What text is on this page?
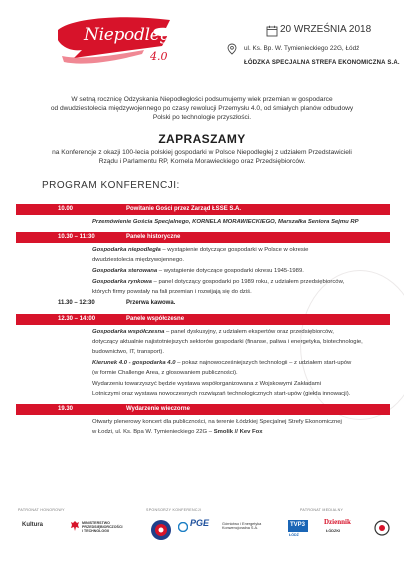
Niepodległa
4.0
20 WRZEŚNIA 2018
ul. Ks. Bp. W. Tymienieckiego 22G, Łódź
ŁÓDZKA SPECJALNA STREFA EKONOMICZNA S.A.
W setną rocznicę Odzyskania Niepodległości podsumujemy wiek przemian w gospodarce
od dwudziestolecia międzywojennego po czasy rewolucji Przemysłu 4.0, od śmiałych planów odbudowy
Polski po technologie przyszłości.
ZAPRASZAMY
na Konferencje z okazji 100-lecia polskiej gospodarki w Polsce Niepodległej z udziałem Przedstawicieli
Rządu i Parlamentu RP, Kornela Morawieckiego oraz Przedsiębiorców.
PROGRAM KONFERENCJI:
10.00	Powitanie Gości przez Zarząd ŁSSE S.A.

Przemówienie Gościa Specjalnego, KORNELA MORAWIECKIEGO, Marszałka Seniora Sejmu RP

10.30 – 11:30	Panele historyczne

Gospodarka niepodległa – wystąpienie dotyczące gospodarki w Polsce w okresie
dwudziestolecia międzywojennego.

Gospodarka sterowana – wystąpienie dotyczące gospodarki okresu 1945-1989.

Gospodarka rynkowa – panel dotyczący gospodarki po 1989 roku, z udziałem przedsiębiorców,
których firmy powstały na fali przemian i rozwijają się do dziś.

11.30 – 12:30	Przerwa kawowa.
12.30 – 14:00	Panele współczesne

Gospodarka współczesna – panel dyskusyjny, z udziałem ekspertów oraz przedsiębiorców,
dotyczący aktualnie najistotniejszych sektorów gospodarki (finanse, paliwa i energetyka, biotechnologie,
budownictwo, IT, transport).

Kierunek 4.0 - gospodarka 4.0 – pokaz najnowocześniejszych technologii – z udziałem start-upów
(w formie Challenge Area, z głosowaniem publiczności).

Wydarzeniu towarzyszyć będzie wystawa współorganizowana z Wojskowymi Zakładami
Lotniczymi oraz wystawa nowoczesnych rozwiązań technologicznych start-upów (giełda innowacji).

19.30	Wydarzenie wieczorne

Otwarty plenerowy koncert dla publiczności, na terenie Łódzkiej Specjalnej Strefy Ekonomicznej
w Łodzi, ul. Ks. Bpa W. Tymienieckiego 22G – Smolik // Kev Fox

PATRONAT HONOROWY	SPONSORZY KONFERENCJI	PATRONAT MEDIALNY
Kultura	MINISTERSTWO
PRZEDSIĘBIORCZOŚCI
I TECHNOLOGII
PGE	Górnictwo i Energetyka
Konwencjonalna S.A.
TVP3
ŁÓDŹ
Dziennik
ŁÓDZKI
